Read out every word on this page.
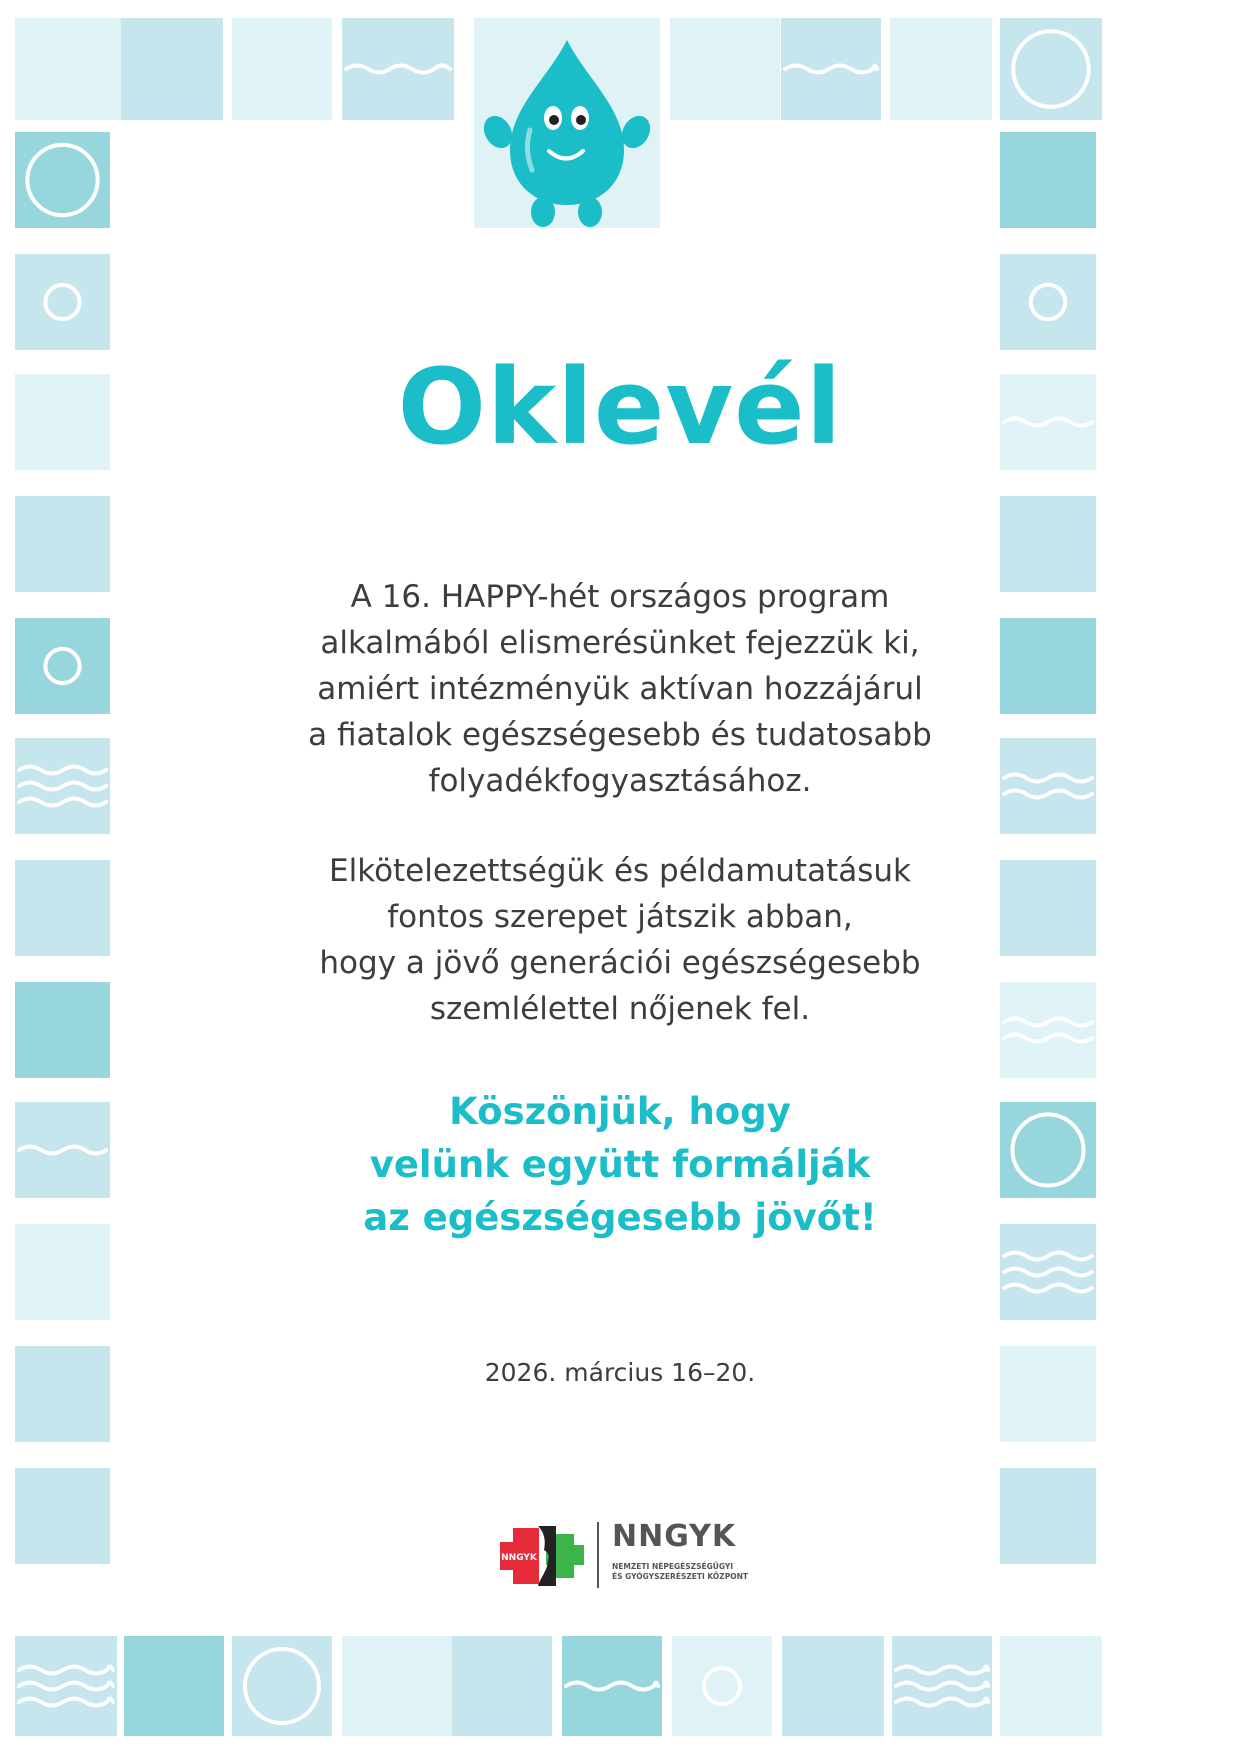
Oklevél
A 16. HAPPY-hét országos program
alkalmából elismerésünket fejezzük ki,
amiért intézményük aktívan hozzájárul
a fiatalok egészségesebb és tudatosabb
folyadékfogyasztásához.
Elkötelezettségük és példamutatásuk
fontos szerepet játszik abban,
hogy a jövő generációi egészségesebb
szemlélettel nőjenek fel.
Köszönjük, hogy
velünk együtt formálják
az egészségesebb jövőt!
2026. március 16–20.
NNGYK
NNGYK
NEMZETI NÉPEGÉSZSÉGÜGYI
ÉS GYÓGYSZERÉSZETI KÖZPONT
